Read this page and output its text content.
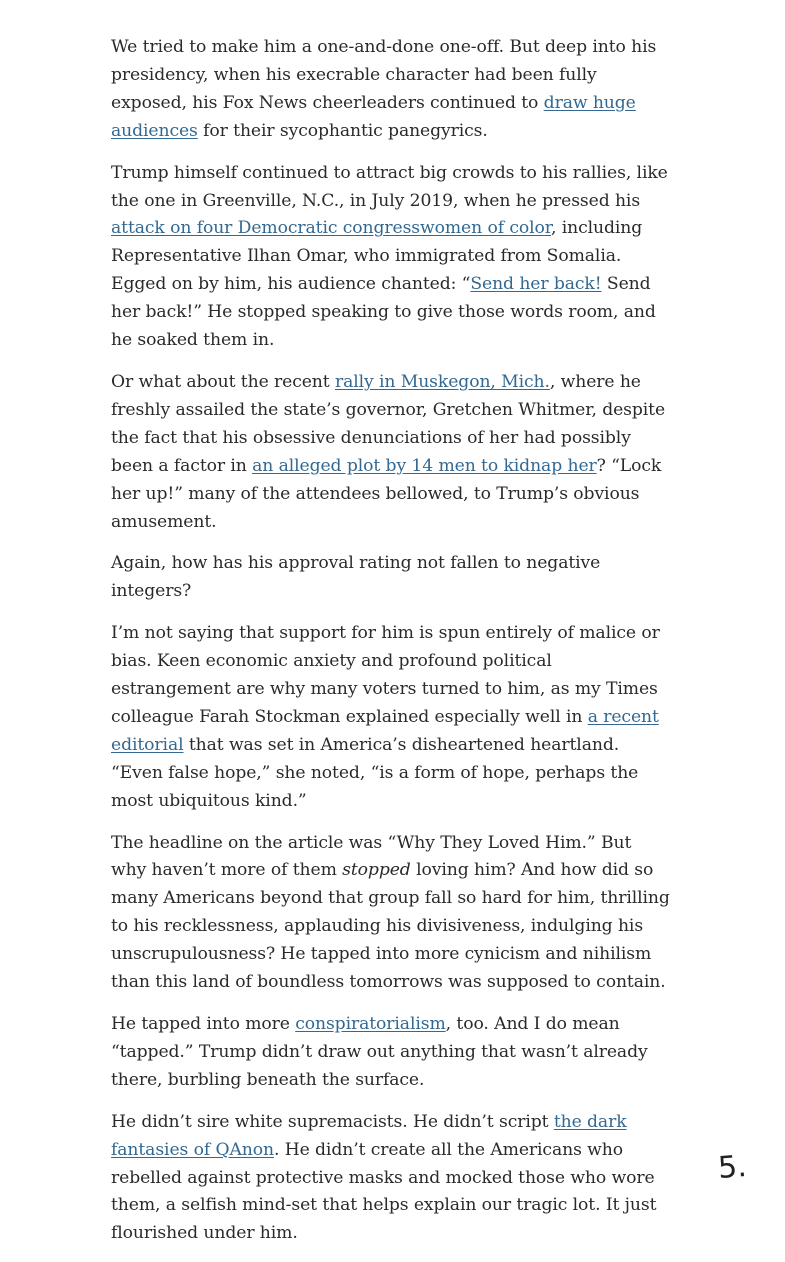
We tried to make him a one-and-done one-off. But deep into his presidency, when his execrable character had been fully exposed, his Fox News cheerleaders continued to draw huge audiences for their sycophantic panegyrics.

Trump himself continued to attract big crowds to his rallies, like the one in Greenville, N.C., in July 2019, when he pressed his attack on four Democratic congresswomen of color, including Representative Ilhan Omar, who immigrated from Somalia. Egged on by him, his audience chanted: “Send her back! Send her back!” He stopped speaking to give those words room, and he soaked them in.

Or what about the recent rally in Muskegon, Mich., where he freshly assailed the state’s governor, Gretchen Whitmer, despite the fact that his obsessive denunciations of her had possibly been a factor in an alleged plot by 14 men to kidnap her? “Lock her up!” many of the attendees bellowed, to Trump’s obvious amusement.

Again, how has his approval rating not fallen to negative integers?

I’m not saying that support for him is spun entirely of malice or bias. Keen economic anxiety and profound political estrangement are why many voters turned to him, as my Times colleague Farah Stockman explained especially well in a recent editorial that was set in America’s disheartened heartland. “Even false hope,” she noted, “is a form of hope, perhaps the most ubiquitous kind.”

The headline on the article was “Why They Loved Him.” But why haven’t more of them stopped loving him? And how did so many Americans beyond that group fall so hard for him, thrilling to his recklessness, applauding his divisiveness, indulging his unscrupulousness? He tapped into more cynicism and nihilism than this land of boundless tomorrows was supposed to contain.

He tapped into more conspiratorialism, too. And I do mean “tapped.” Trump didn’t draw out anything that wasn’t already there, burbling beneath the surface.

He didn’t sire white supremacists. He didn’t script the dark fantasies of QAnon. He didn’t create all the Americans who rebelled against protective masks and mocked those who wore them, a selfish mind-set that helps explain our tragic lot. It just flourished under him.

5.
